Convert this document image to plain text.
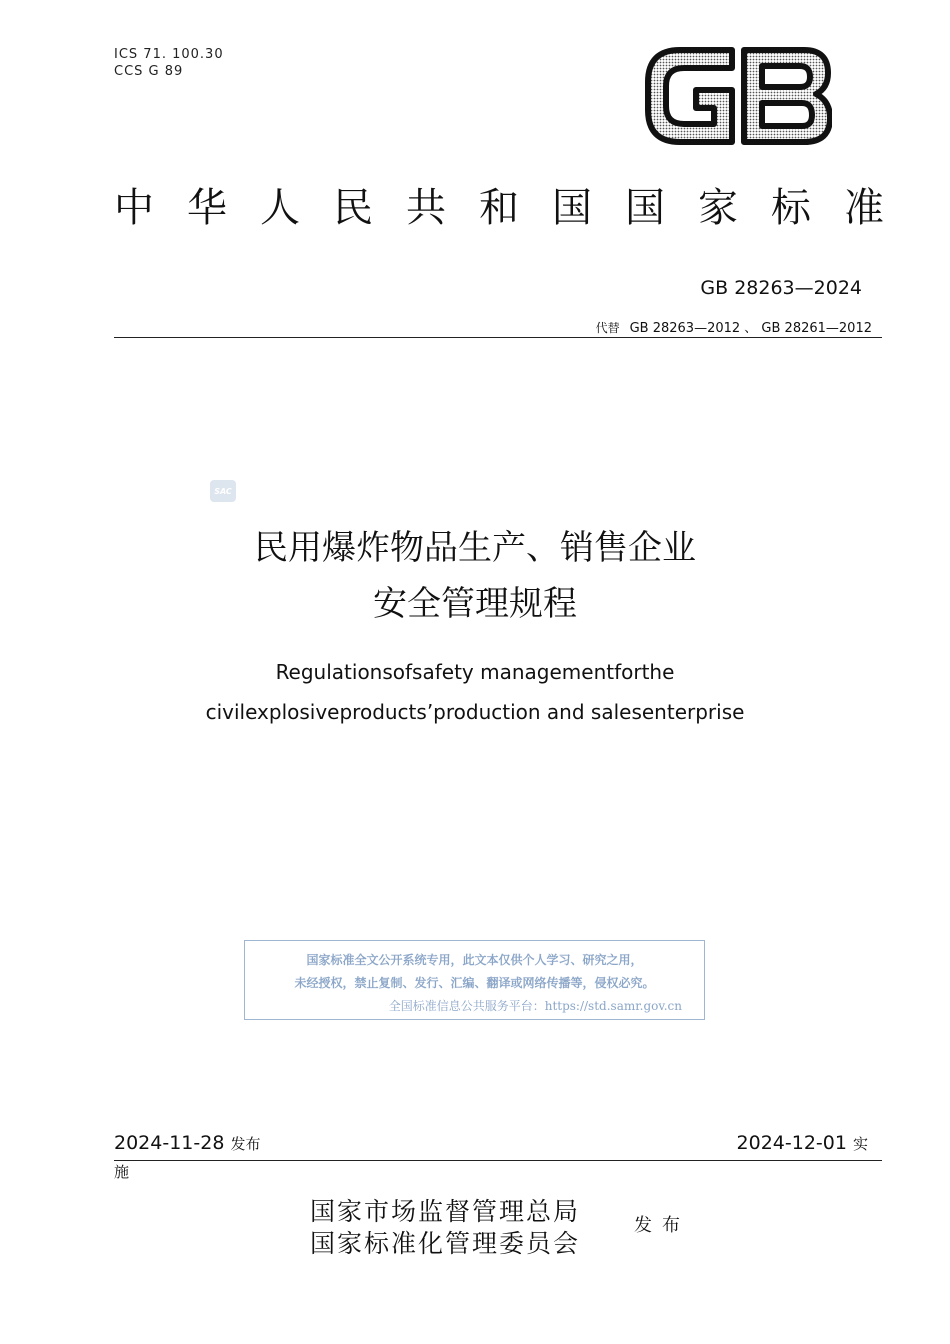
ICS 71. 100.30
CCS G 89
中 华 人 民 共 和 国 国 家 标 准
GB 28263—2024
代替 GB 28263—2012 、 GB 28261—2012
SAC
民用爆炸物品生产、销售企业
安全管理规程
Regulationsofsafety managementforthe
civilexplosiveproducts’production and salesenterprise
国家标准全文公开系统专用，此文本仅供个人学习、研究之用，
未经授权，禁止复制、发行、汇编、翻译或网络传播等，侵权必究。
全国标准信息公共服务平台：https://std.samr.gov.cn
2024-11-28 发布	2024-12-01 实
施
国家市场监督管理总局
国家标准化管理委员会
发布
